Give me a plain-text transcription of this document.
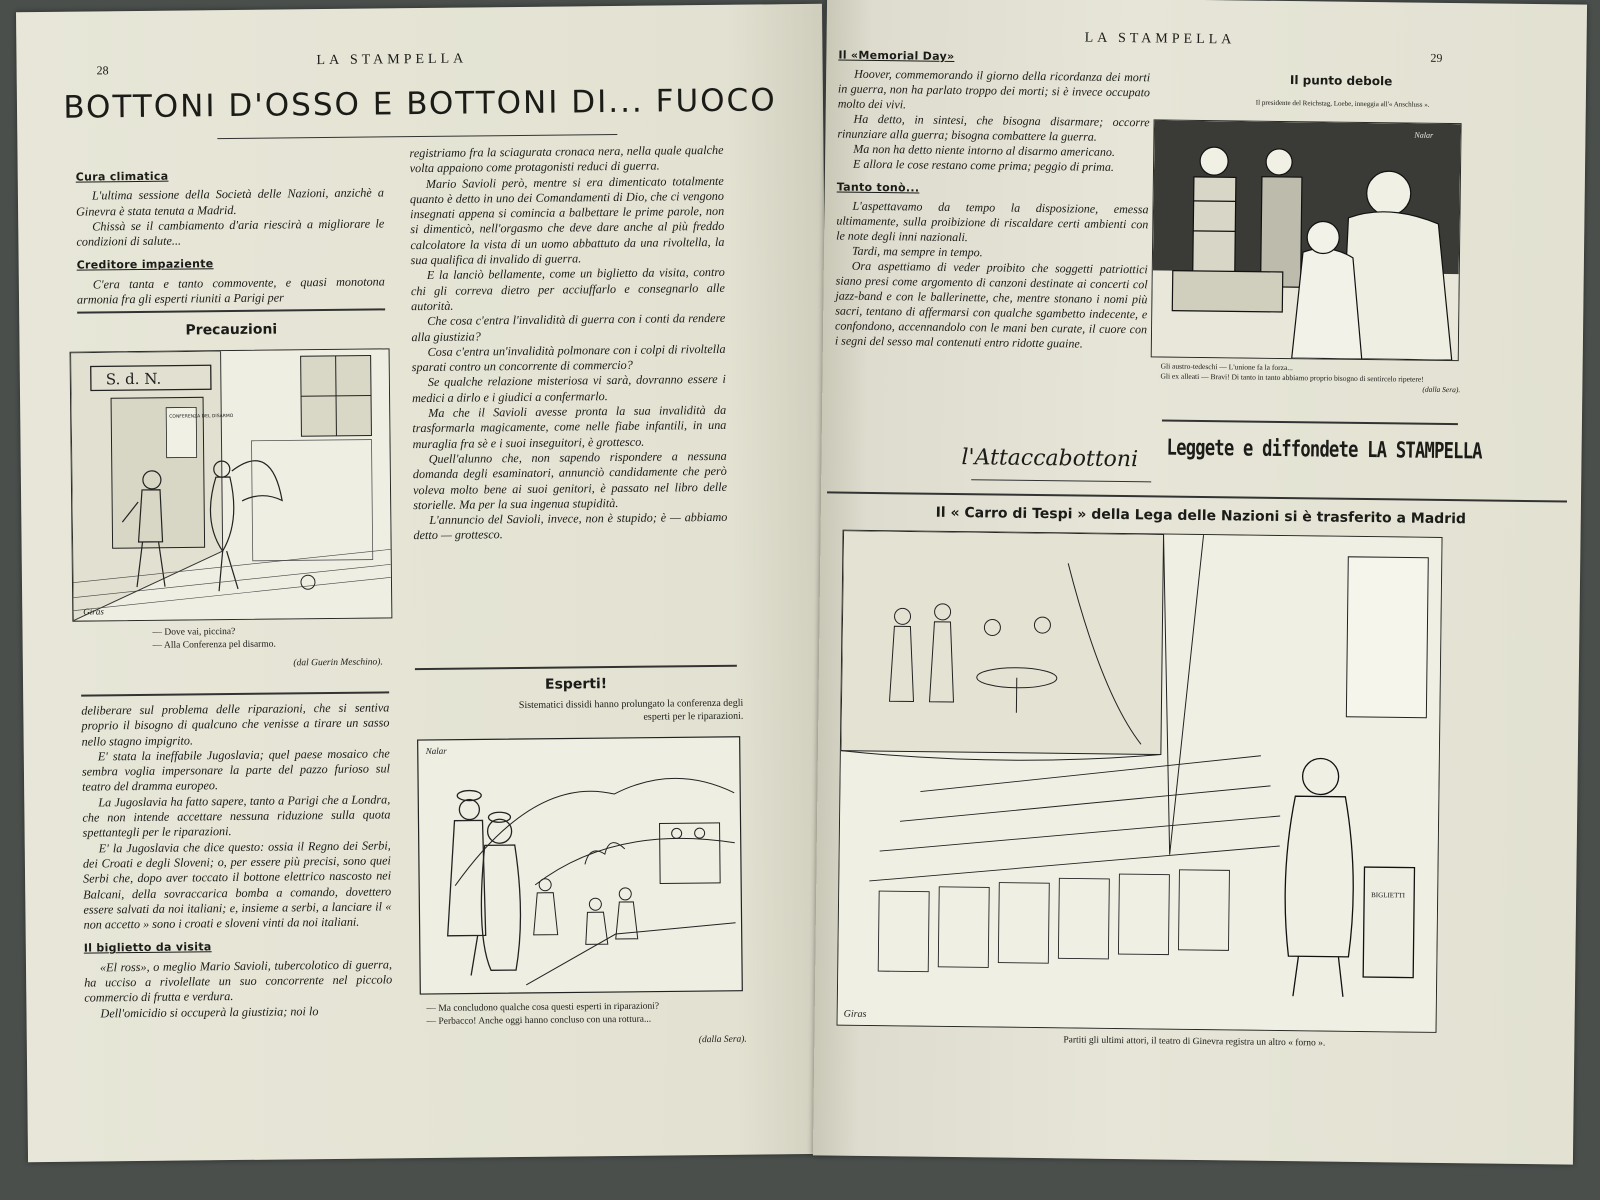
28
LA STAMPELLA
BOTTONI D'OSSO E BOTTONI DI... FUOCO
Cura climatica

L'ultima sessione della Società delle Nazioni, anzichè a Ginevra è stata tenuta a Madrid.

Chissà se il cambiamento d'aria riescirà a migliorare le condizioni di salute...

Creditore impaziente

C'era tanta e tanto commovente, e quasi monotona armonia fra gli esperti riuniti a Parigi per

Precauzioni
S. d. N.
CONFERENZA DEL DISARMO
Giras
— Dove vai, piccina?
— Alla Conferenza pel disarmo.
(dal Guerin Meschino).

deliberare sul problema delle riparazioni, che si sentiva proprio il bisogno di qualcuno che venisse a tirare un sasso nello stagno impigrito.

E' stata la ineffabile Jugoslavia; quel paese mosaico che sembra voglia impersonare la parte del pazzo furioso sul teatro del dramma europeo.

La Jugoslavia ha fatto sapere, tanto a Parigi che a Londra, che non intende accettare nessuna riduzione sulla quota spettantegli per le riparazioni.

E' la Jugoslavia che dice questo: ossia il Regno dei Serbi, dei Croati e degli Sloveni; o, per essere più precisi, sono quei Serbi che, dopo aver toccato il bottone elettrico nascosto nei Balcani, della sovraccarica bomba a comando, dovettero essere salvati da noi italiani; e, insieme a serbi, a lanciare il « non accetto » sono i croati e sloveni vinti da noi italiani.

Il biglietto da visita

«El ross», o meglio Mario Savioli, tubercolotico di guerra, ha ucciso a rivolellate un suo concorrente nel piccolo commercio di frutta e verdura.

Dell'omicidio si occuperà la giustizia; noi lo

registriamo fra la sciagurata cronaca nera, nella quale qualche volta appaiono come protagonisti reduci di guerra.

Mario Savioli però, mentre si era dimenticato totalmente quanto è detto in uno dei Comandamenti di Dio, che ci vengono insegnati appena si comincia a balbettare le prime parole, non si dimenticò, nell'orgasmo che deve dare anche al più freddo calcolatore la vista di un uomo abbattuto da una rivoltella, la sua qualifica di invalido di guerra.

E la lanciò bellamente, come un biglietto da visita, contro chi gli correva dietro per acciuffarlo e consegnarlo alle autorità.

Che cosa c'entra l'invalidità di guerra con i conti da rendere alla giustizia?

Cosa c'entra un'invalidità polmonare con i colpi di rivoltella sparati contro un concorrente di commercio?

Se qualche relazione misteriosa vi sarà, dovranno essere i medici a dirlo e i giudici a confermarlo.

Ma che il Savioli avesse pronta la sua invalidità da trasformarla magicamente, come nelle fiabe infantili, in una muraglia fra sè e i suoi inseguitori, è grottesco.

Quell'alunno che, non sapendo rispondere a nessuna domanda degli esaminatori, annunciò candidamente che però voleva molto bene ai suoi genitori, è passato nel libro delle storielle. Ma per la sua ingenua stupidità.

L'annuncio del Savioli, invece, non è stupido; è — abbiamo detto — grottesco.

Esperti!
Sistematici dissidi hanno prolungato la conferenza degli esperti per le riparazioni.
Nalar
— Ma concludono qualche cosa questi esperti in riparazioni?
— Perbacco! Anche oggi hanno concluso con una rottura...
(dalla Sera).
LA STAMPELLA
29
Il «Memorial Day»

Hoover, commemorando il giorno della ricordanza dei morti in guerra, non ha parlato troppo dei morti; si è invece occupato molto dei vivi.

Ha detto, in sintesi, che bisogna disarmare; occorre rinunziare alla guerra; bisogna combattere la guerra.

Ma non ha detto niente intorno al disarmo americano.

E allora le cose restano come prima; peggio di prima.

Tanto tonò...

L'aspettavamo da tempo la disposizione, emessa ultimamente, sulla proibizione di riscaldare certi ambienti con le note degli inni nazionali.

Tardi, ma sempre in tempo.

Ora aspettiamo di veder proibito che soggetti patriottici siano presi come argomento di canzoni destinate ai concerti col jazz-band e con le ballerinette, che, mentre stonano i nomi più sacri, tentano di affermarsi con qualche sgambetto indecente, e confondono, accennandolo con le mani ben curate, il cuore con i segni del sesso mal contenuti entro ridotte guaine.

l'Attaccabottoni
Il punto debole
Il presidente del Reichstag, Loebe, inneggia all'« Anschluss ».
Nalar
Gli austro-tedeschi — L'unione fa la forza...
Gli ex alleati — Bravi! Di tanto in tanto abbiamo proprio bisogno di sentircelo ripetere!
(dalla Sera).
Leggete e diffondete LA STAMPELLA
Il « Carro di Tespi » della Lega delle Nazioni si è trasferito a Madrid
BIGLIETTI
Giras
Partiti gli ultimi attori, il teatro di Ginevra registra un altro « forno ».
